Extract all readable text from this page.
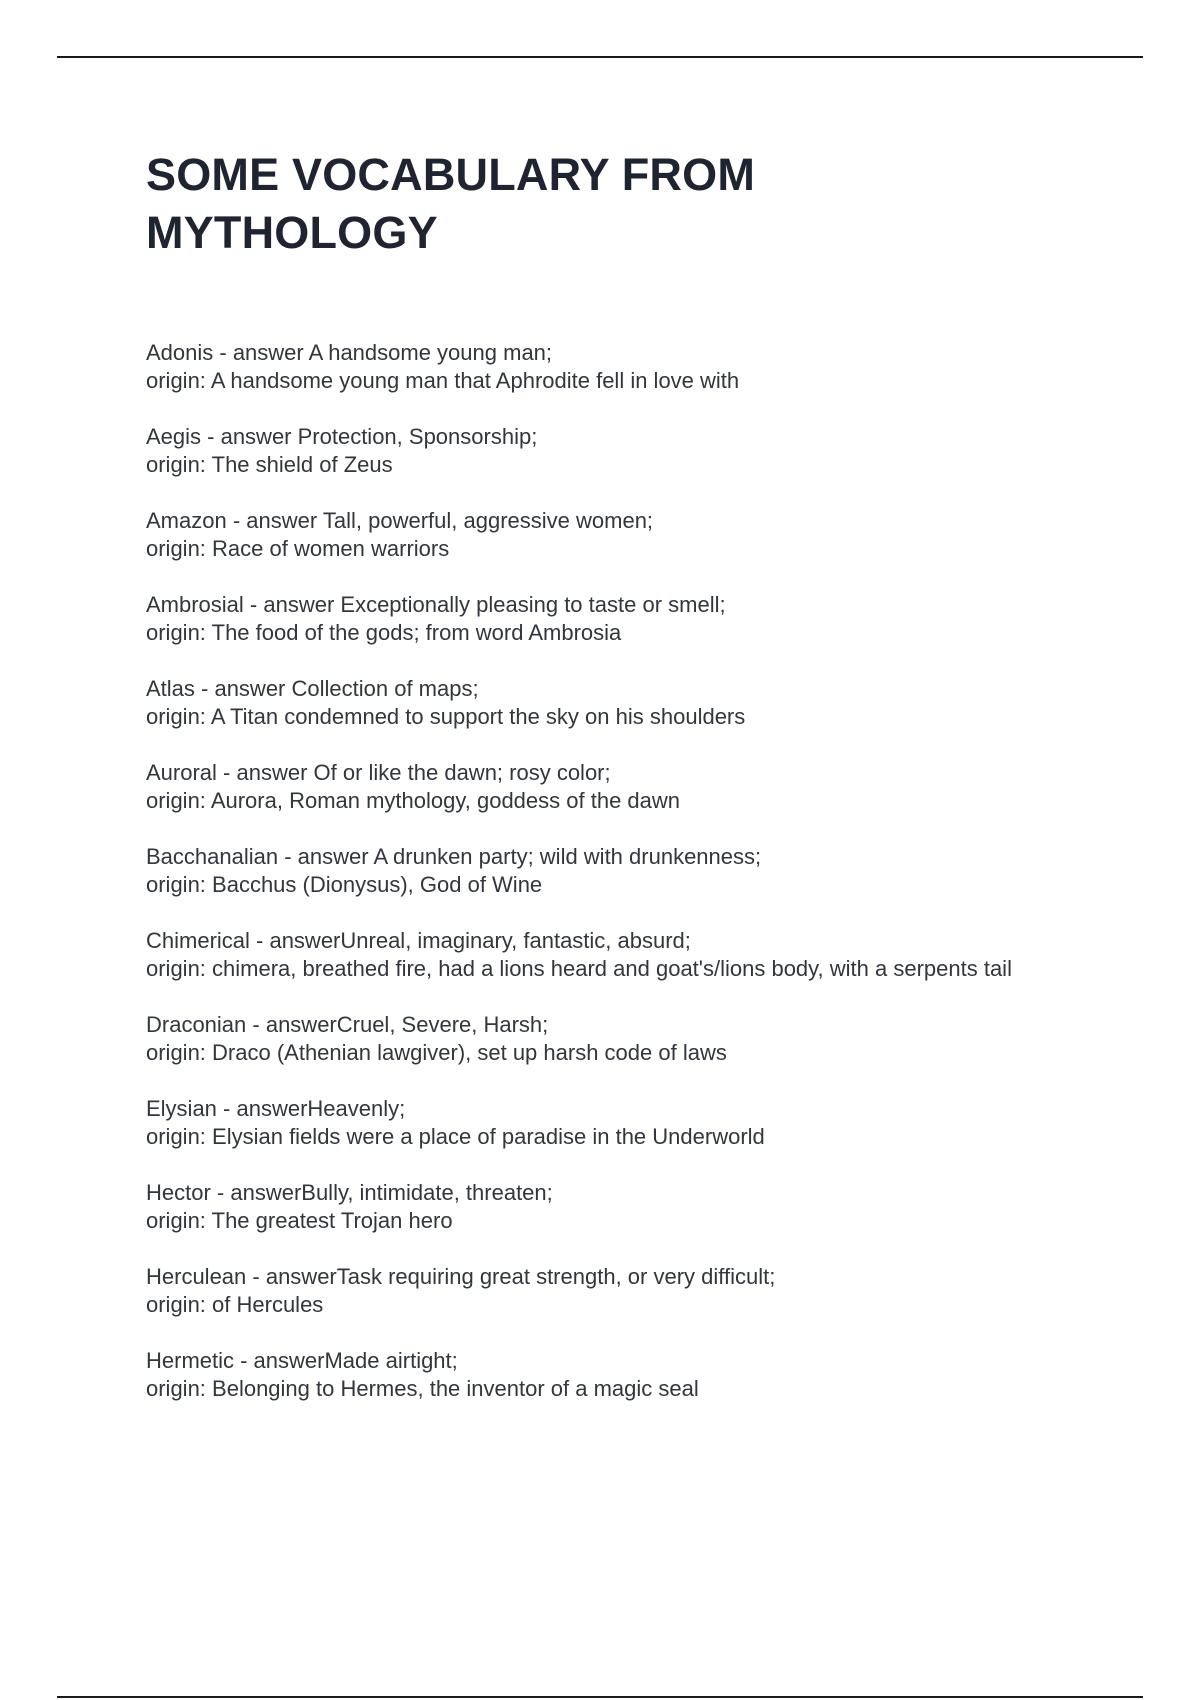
SOME VOCABULARY FROM MYTHOLOGY

Adonis - answer A handsome young man;

origin: A handsome young man that Aphrodite fell in love with

Aegis - answer Protection, Sponsorship;

origin: The shield of Zeus

Amazon - answer Tall, powerful, aggressive women;

origin: Race of women warriors

Ambrosial - answer Exceptionally pleasing to taste or smell;

origin: The food of the gods; from word Ambrosia

Atlas - answer Collection of maps;

origin: A Titan condemned to support the sky on his shoulders

Auroral - answer Of or like the dawn; rosy color;

origin: Aurora, Roman mythology, goddess of the dawn

Bacchanalian - answer A drunken party; wild with drunkenness;

origin: Bacchus (Dionysus), God of Wine

Chimerical - answerUnreal, imaginary, fantastic, absurd;

origin: chimera, breathed fire, had a lions heard and goat's/lions body, with a serpents tail

Draconian - answerCruel, Severe, Harsh;

origin: Draco (Athenian lawgiver), set up harsh code of laws

Elysian - answerHeavenly;

origin: Elysian fields were a place of paradise in the Underworld

Hector - answerBully, intimidate, threaten;

origin: The greatest Trojan hero

Herculean - answerTask requiring great strength, or very difficult;

origin: of Hercules

Hermetic - answerMade airtight;

origin: Belonging to Hermes, the inventor of a magic seal
